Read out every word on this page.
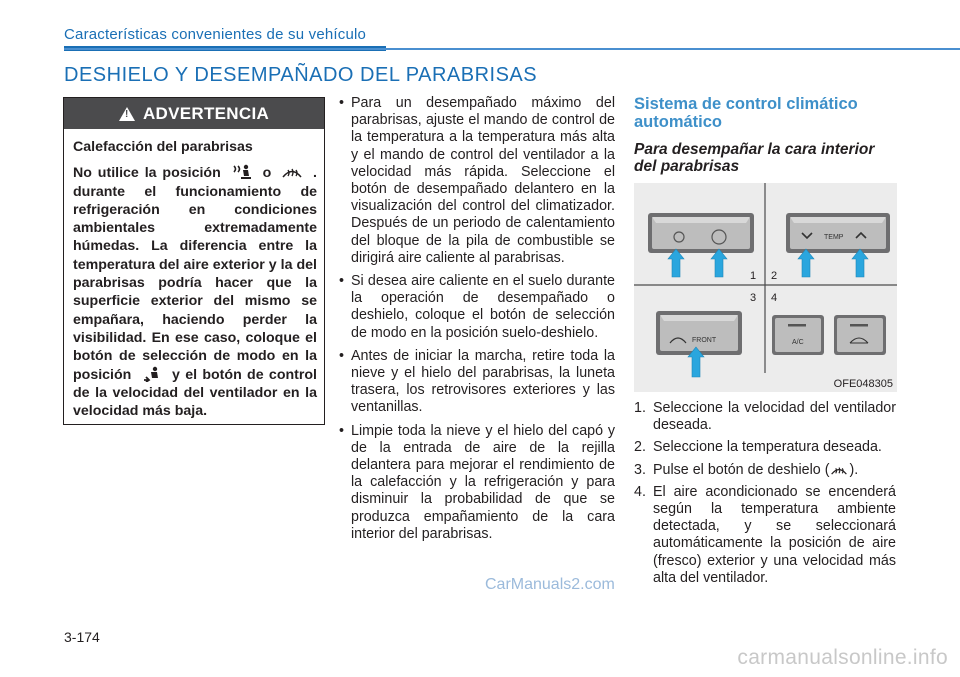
Características convenientes de su vehículo
DESHIELO Y DESEMPAÑADO DEL PARABRISAS
!
ADVERTENCIA

Calefacción del parabrisas

No utilice la posición	o	. durante el funcionamiento de refrigeración en condiciones ambientales extremadamente húmedas. La diferencia entre la temperatura del aire exterior y la del parabrisas podría hacer que la superficie exterior del mismo se empañara, haciendo perder la visibilidad. En ese caso, coloque el botón de selección de modo en la posición	y el botón de control de la velocidad del ventilador en la velocidad más baja.

• Para un desempañado máximo del parabrisas, ajuste el mando de control de la temperatura a la temperatura más alta y el mando de control del ventilador a la velocidad más rápida. Seleccione el botón de desempañado delantero en la visualización del control del climatizador. Después de un periodo de calentamiento del bloque de la pila de combustible se dirigirá aire caliente al parabrisas.
• Si desea aire caliente en el suelo durante la operación de desempañado o deshielo, coloque el botón de selección de modo en la posición suelo-deshielo.
• Antes de iniciar la marcha, retire toda la nieve y el hielo del parabrisas, la luneta trasera, los retrovisores exteriores y las ventanillas.
• Limpie toda la nieve y el hielo del capó y de la entrada de aire de la rejilla delantera para mejorar el rendimiento de la calefacción y la refrigeración y para disminuir la probabilidad de que se produzca empañamiento de la cara interior del parabrisas.

Sistema de control climático automático

Para desempañar la cara interior del parabrisas

TEMP
1 2
3 4
FRONT	A/C
OFE048305
1. Seleccione la velocidad del ventilador deseada.
2. Seleccione la temperatura deseada.
3. Pulse el botón de deshielo ( ).
4. El aire acondicionado se encenderá según la temperatura ambiente detectada, y se seleccionará automáticamente la posición de aire (fresco) exterior y una velocidad más alta del ventilador.
CarManuals2.com
3-174
carmanualsonline.info
